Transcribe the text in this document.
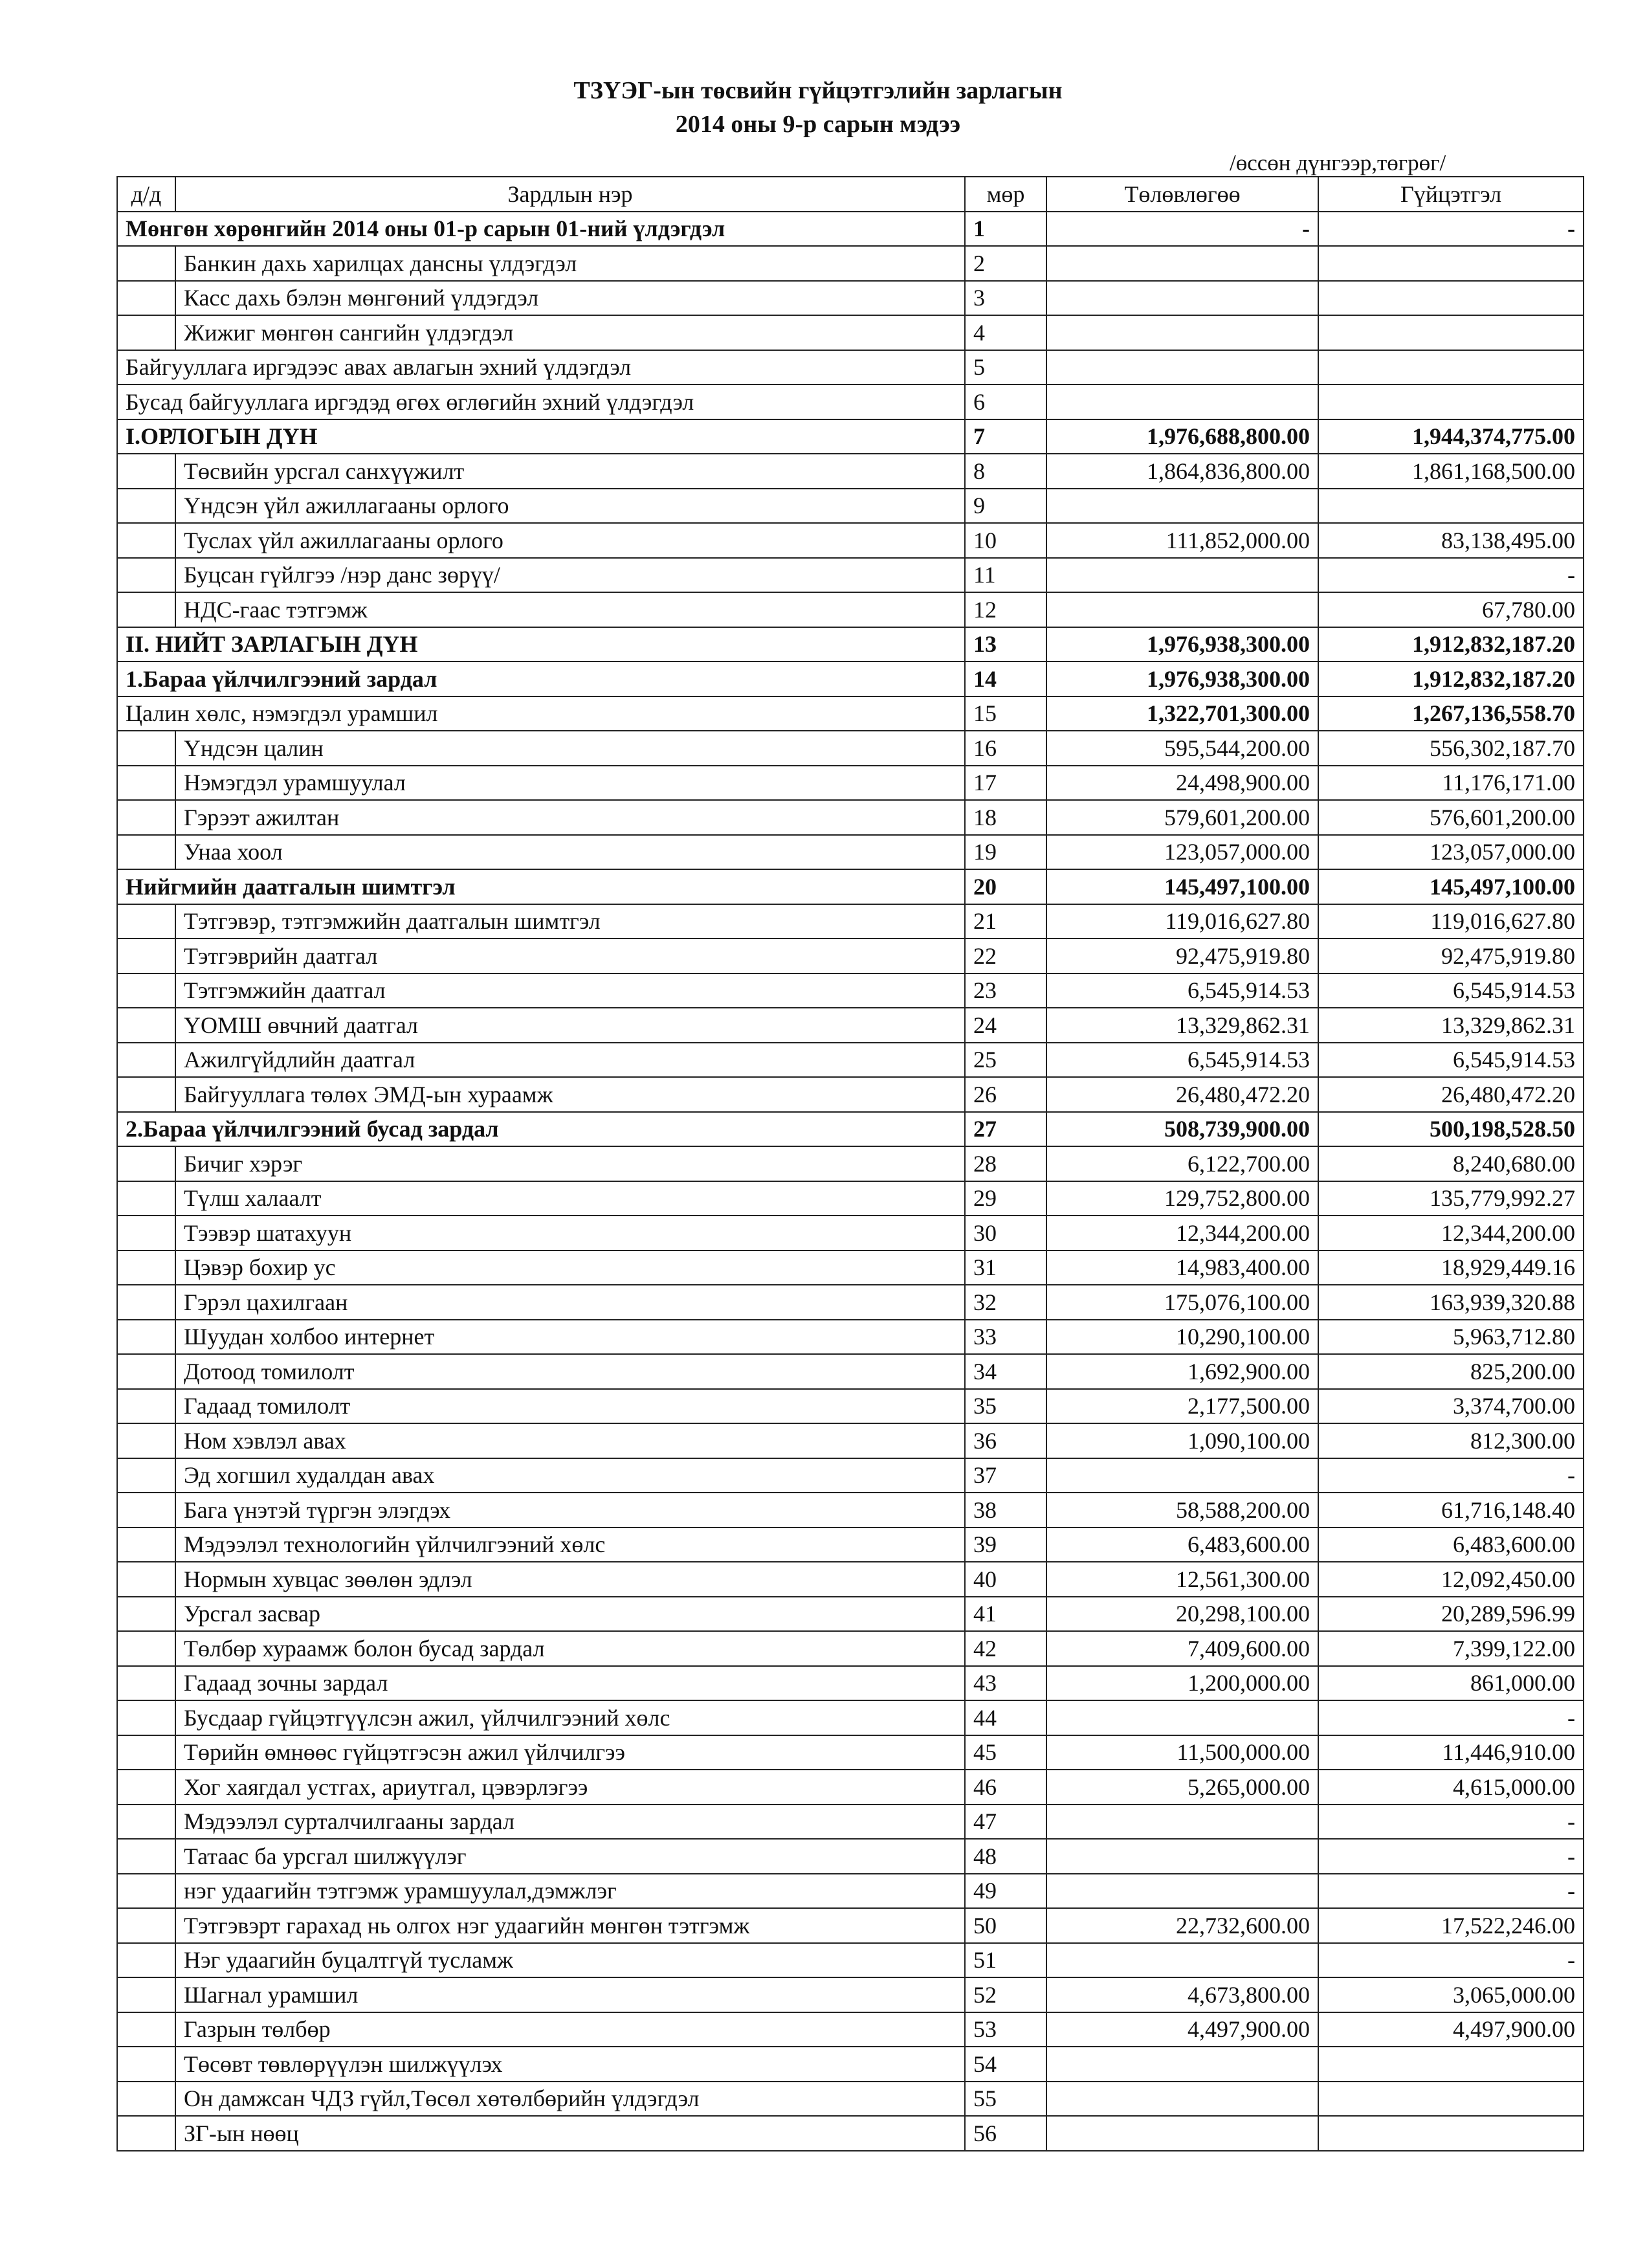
ТЗҮЭГ-ын төсвийн гүйцэтгэлийн зарлагын
2014 оны 9-р сарын мэдээ
/өссөн дүнгээр,төгрөг/
д/д	Зардлын нэр	мөр	Төлөвлөгөө	Гүйцэтгэл
Мөнгөн хөрөнгийн 2014 оны 01-р сарын 01-ний үлдэгдэл		1	-	-
	Банкин дахь харилцах дансны үлдэгдэл	2		
	Касс дахь бэлэн мөнгөний үлдэгдэл	3		
	Жижиг мөнгөн сангийн үлдэгдэл	4		
Байгууллага иргэдээс авах авлагын эхний үлдэгдэл		5		
Бусад байгууллага иргэдэд өгөх өглөгийн эхний үлдэгдэл		6		
I.ОРЛОГЫН ДҮН		7	1,976,688,800.00	1,944,374,775.00
	Төсвийн урсгал санхүүжилт	8	1,864,836,800.00	1,861,168,500.00
	Үндсэн үйл ажиллагааны орлого	9		
	Туслах үйл ажиллагааны орлого	10	111,852,000.00	83,138,495.00
	Буцсан гүйлгээ /нэр данс зөрүү/	11		-
	НДС-гаас тэтгэмж	12		67,780.00
II. НИЙТ ЗАРЛАГЫН ДҮН		13	1,976,938,300.00	1,912,832,187.20
1.Бараа үйлчилгээний зардал		14	1,976,938,300.00	1,912,832,187.20
Цалин хөлс, нэмэгдэл урамшил		15	1,322,701,300.00	1,267,136,558.70
	Үндсэн цалин	16	595,544,200.00	556,302,187.70
	Нэмэгдэл урамшуулал	17	24,498,900.00	11,176,171.00
	Гэрээт ажилтан	18	579,601,200.00	576,601,200.00
	Унаа хоол	19	123,057,000.00	123,057,000.00
Нийгмийн даатгалын шимтгэл		20	145,497,100.00	145,497,100.00
	Тэтгэвэр, тэтгэмжийн даатгалын шимтгэл	21	119,016,627.80	119,016,627.80
	Тэтгэврийн даатгал	22	92,475,919.80	92,475,919.80
	Тэтгэмжийн даатгал	23	6,545,914.53	6,545,914.53
	ҮОМШ өвчний даатгал	24	13,329,862.31	13,329,862.31
	Ажилгүйдлийн даатгал	25	6,545,914.53	6,545,914.53
	Байгууллага төлөх ЭМД-ын хураамж	26	26,480,472.20	26,480,472.20
2.Бараа үйлчилгээний бусад зардал		27	508,739,900.00	500,198,528.50
	Бичиг хэрэг	28	6,122,700.00	8,240,680.00
	Түлш халаалт	29	129,752,800.00	135,779,992.27
	Тээвэр шатахуун	30	12,344,200.00	12,344,200.00
	Цэвэр бохир ус	31	14,983,400.00	18,929,449.16
	Гэрэл цахилгаан	32	175,076,100.00	163,939,320.88
	Шуудан холбоо интернет	33	10,290,100.00	5,963,712.80
	Дотоод томилолт	34	1,692,900.00	825,200.00
	Гадаад томилолт	35	2,177,500.00	3,374,700.00
	Ном хэвлэл авах	36	1,090,100.00	812,300.00
	Эд хогшил худалдан авах	37		-
	Бага үнэтэй түргэн элэгдэх	38	58,588,200.00	61,716,148.40
	Мэдээлэл технологийн үйлчилгээний хөлс	39	6,483,600.00	6,483,600.00
	Нормын хувцас зөөлөн эдлэл	40	12,561,300.00	12,092,450.00
	Урсгал засвар	41	20,298,100.00	20,289,596.99
	Төлбөр хураамж болон бусад зардал	42	7,409,600.00	7,399,122.00
	Гадаад зочны зардал	43	1,200,000.00	861,000.00
	Бусдаар гүйцэтгүүлсэн ажил, үйлчилгээний хөлс	44		-
	Төрийн өмнөөс гүйцэтгэсэн ажил үйлчилгээ	45	11,500,000.00	11,446,910.00
	Хог хаягдал устгах, ариутгал, цэвэрлэгээ	46	5,265,000.00	4,615,000.00
	Мэдээлэл сурталчилгааны зардал	47		-
	Татаас ба урсгал шилжүүлэг	48		-
	нэг удаагийн тэтгэмж урамшуулал,дэмжлэг	49		-
	Тэтгэвэрт гарахад нь олгох нэг удаагийн мөнгөн тэтгэмж	50	22,732,600.00	17,522,246.00
	Нэг удаагийн буцалтгүй тусламж	51		-
	Шагнал урамшил	52	4,673,800.00	3,065,000.00
	Газрын төлбөр	53	4,497,900.00	4,497,900.00
	Төсөвт төвлөрүүлэн шилжүүлэх	54		
	Он дамжсан ЧДЗ гүйл,Төсөл хөтөлбөрийн үлдэгдэл	55		
	ЗГ-ын нөөц	56		
